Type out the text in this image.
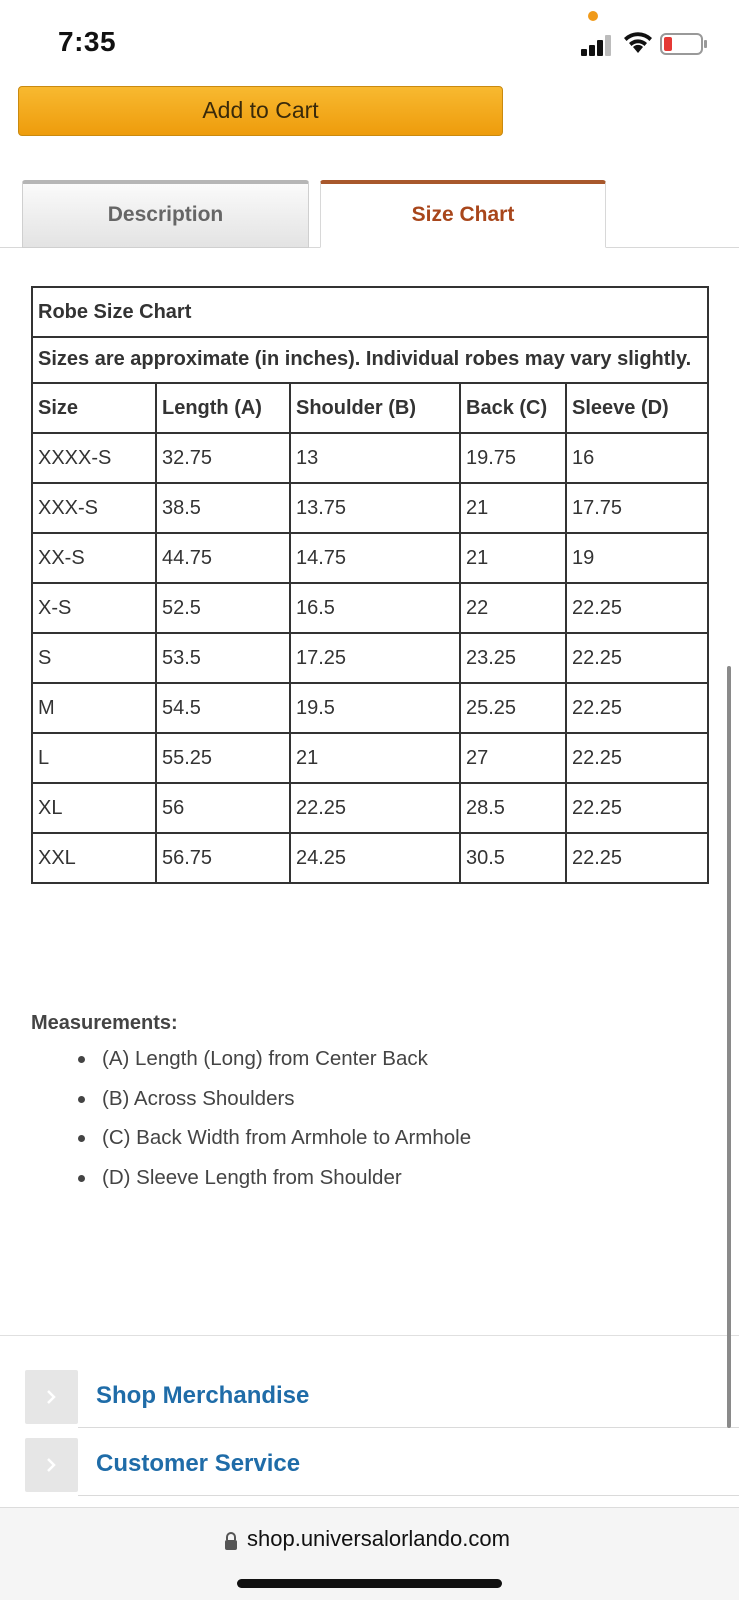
7:35
Add to Cart
Description	Size Chart
Robe Size Chart				
Sizes are approximate (in inches). Individual robes may vary slightly.				
Size	Length (A)	Shoulder (B)	Back (C)	Sleeve (D)
XXXX-S	32.75	13	19.75	16
XXX-S	38.5	13.75	21	17.75
XX-S	44.75	14.75	21	19
X-S	52.5	16.5	22	22.25
S	53.5	17.25	23.25	22.25
M	54.5	19.5	25.25	22.25
L	55.25	21	27	22.25
XL	56	22.25	28.5	22.25
XXL	56.75	24.25	30.5	22.25
Measurements:
(A) Length (Long) from Center Back
(B) Across Shoulders
(C) Back Width from Armhole to Armhole
(D) Sleeve Length from Shoulder
Shop Merchandise
Customer Service
shop.universalorlando.com
